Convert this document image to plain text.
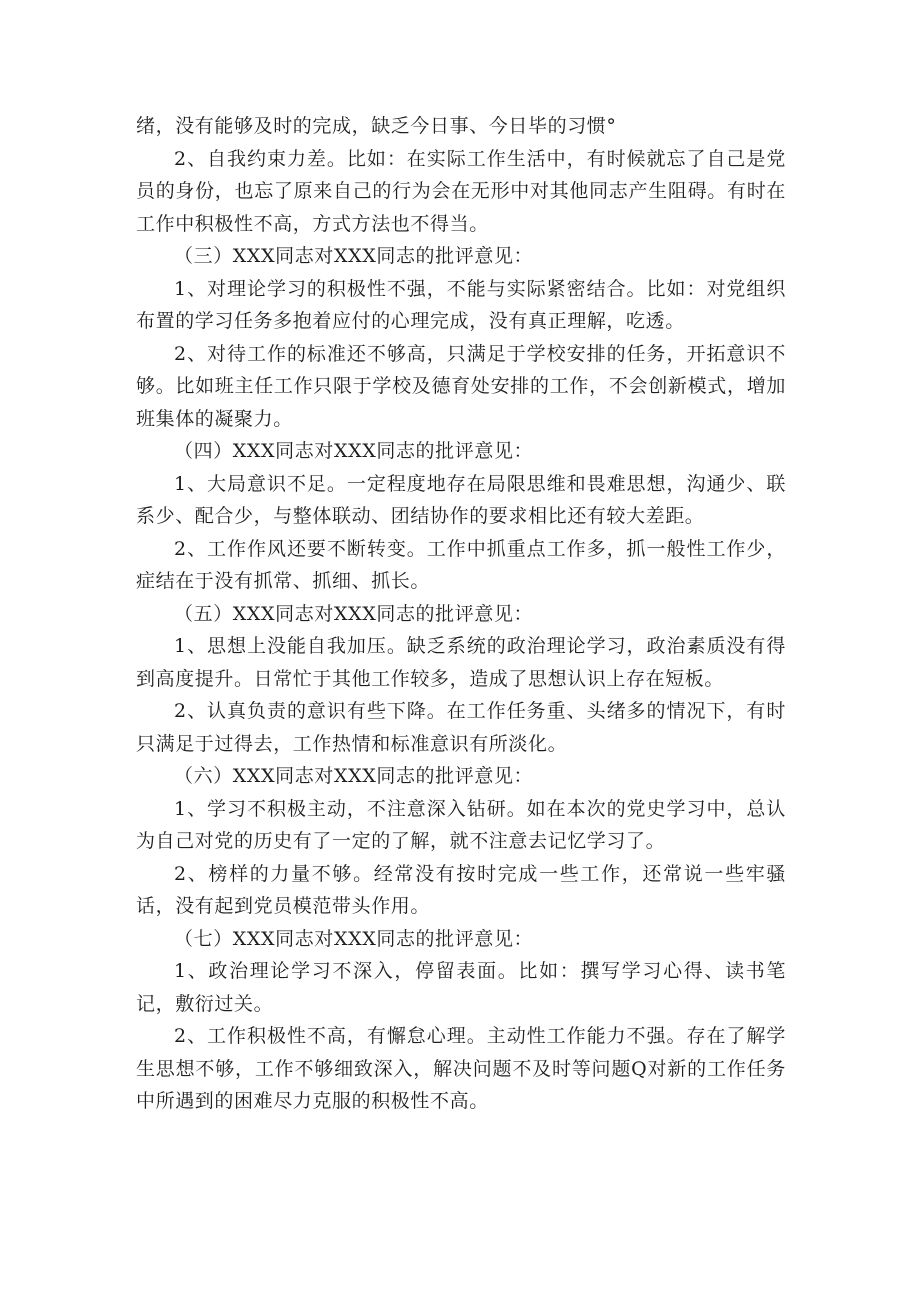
绪，没有能够及时的完成，缺乏今日事、今日毕的习惯°

2、自我约束力差。比如：在实际工作生活中，有时候就忘了自己是党员的身份，也忘了原来自己的行为会在无形中对其他同志产生阻碍。有时在工作中积极性不高，方式方法也不得当。

（三）XXX同志对XXX同志的批评意见：

1、对理论学习的积极性不强，不能与实际紧密结合。比如：对党组织布置的学习任务多抱着应付的心理完成，没有真正理解，吃透。

2、对待工作的标准还不够高，只满足于学校安排的任务，开拓意识不够。比如班主任工作只限于学校及德育处安排的工作，不会创新模式，增加班集体的凝聚力。

（四）XXX同志对XXX同志的批评意见：

1、大局意识不足。一定程度地存在局限思维和畏难思想，沟通少、联系少、配合少，与整体联动、团结协作的要求相比还有较大差距。

2、工作作风还要不断转变。工作中抓重点工作多，抓一般性工作少，症结在于没有抓常、抓细、抓长。

（五）XXX同志对XXX同志的批评意见：

1、思想上没能自我加压。缺乏系统的政治理论学习，政治素质没有得到高度提升。日常忙于其他工作较多，造成了思想认识上存在短板。

2、认真负责的意识有些下降。在工作任务重、头绪多的情况下，有时只满足于过得去，工作热情和标准意识有所淡化。

（六）XXX同志对XXX同志的批评意见：

1、学习不积极主动，不注意深入钻研。如在本次的党史学习中，总认为自己对党的历史有了一定的了解，就不注意去记忆学习了。

2、榜样的力量不够。经常没有按时完成一些工作，还常说一些牢骚话，没有起到党员模范带头作用。

（七）XXX同志对XXX同志的批评意见：

1、政治理论学习不深入，停留表面。比如：撰写学习心得、读书笔记，敷衍过关。

2、工作积极性不高，有懈怠心理。主动性工作能力不强。存在了解学生思想不够，工作不够细致深入，解决问题不及时等问题Q对新的工作任务中所遇到的困难尽力克服的积极性不高。
